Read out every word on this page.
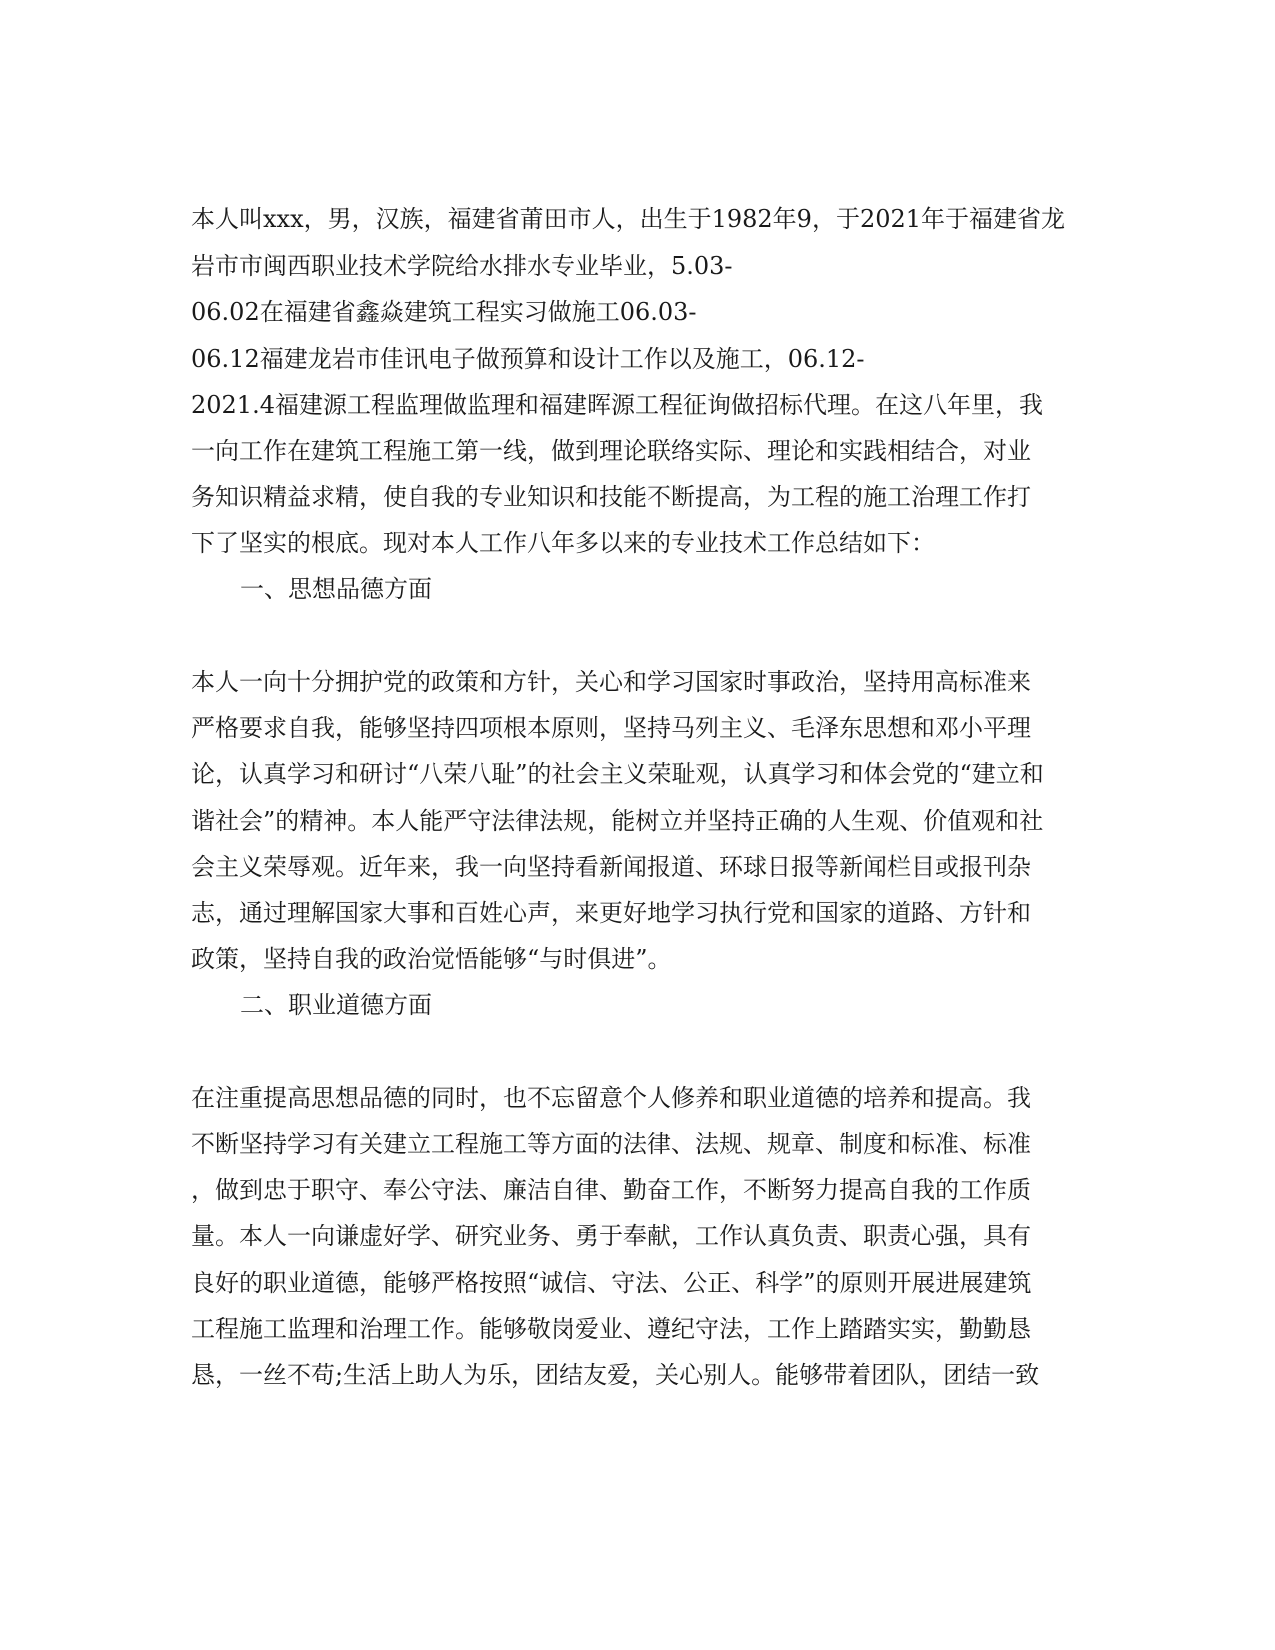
本人叫xxx，男，汉族，福建省莆田市人，出生于1982年9，于2021年于福建省龙
岩市市闽西职业技术学院给水排水专业毕业，5.03-
06.02在福建省鑫焱建筑工程实习做施工06.03-
06.12福建龙岩市佳讯电子做预算和设计工作以及施工，06.12-
2021.4福建源工程监理做监理和福建晖源工程征询做招标代理。在这八年里，我
一向工作在建筑工程施工第一线，做到理论联络实际、理论和实践相结合，对业
务知识精益求精，使自我的专业知识和技能不断提高，为工程的施工治理工作打
下了坚实的根底。现对本人工作八年多以来的专业技术工作总结如下：
一、思想品德方面
本人一向十分拥护党的政策和方针，关心和学习国家时事政治，坚持用高标准来
严格要求自我，能够坚持四项根本原则，坚持马列主义、毛泽东思想和邓小平理
论，认真学习和研讨“八荣八耻”的社会主义荣耻观，认真学习和体会党的“建立和
谐社会”的精神。本人能严守法律法规，能树立并坚持正确的人生观、价值观和社
会主义荣辱观。近年来，我一向坚持看新闻报道、环球日报等新闻栏目或报刊杂
志，通过理解国家大事和百姓心声，来更好地学习执行党和国家的道路、方针和
政策，坚持自我的政治觉悟能够“与时俱进”。
二、职业道德方面
在注重提高思想品德的同时，也不忘留意个人修养和职业道德的培养和提高。我
不断坚持学习有关建立工程施工等方面的法律、法规、规章、制度和标准、标准
，做到忠于职守、奉公守法、廉洁自律、勤奋工作，不断努力提高自我的工作质
量。本人一向谦虚好学、研究业务、勇于奉献，工作认真负责、职责心强，具有
良好的职业道德，能够严格按照“诚信、守法、公正、科学”的原则开展进展建筑
工程施工监理和治理工作。能够敬岗爱业、遵纪守法，工作上踏踏实实，勤勤恳
恳，一丝不苟;生活上助人为乐，团结友爱，关心别人。能够带着团队，团结一致
